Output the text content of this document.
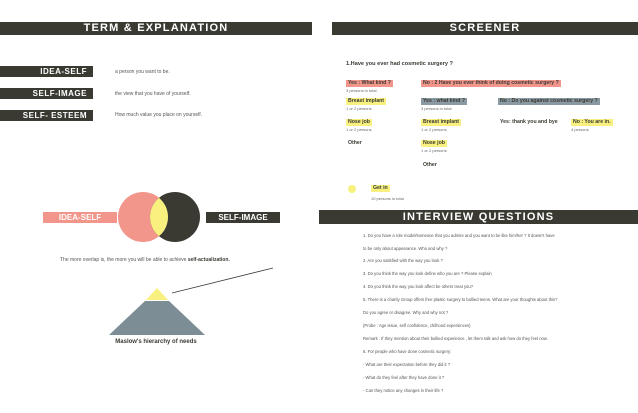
TERM & EXPLANATION
IDEA-SELF	a person you want to be.
SELF-IMAGE	the view that you have of yourself.
SELF- ESTEEM	How much value you place on yourself.
IDEA-SELF	SELF-IMAGE
The more overlap is, the more you will be able to achieve self-actualization.
Maslow's hierarchy of needs
SCREENER
1.Have you ever had cosmetic surgery ?
Yes : What kind ?
3 persons in total
Breast implant
1 or 2 persons
Nose job
1 or 2 persons
Other
No : 2 Have you ever think of doing cosmetic surgery ?
Yes : what kind ?
3 persons in total
Breast implant
1 or 2 persons
Nose job
1 or 2 persons
Other
No : Do you against cosmetic surgery ?
Yes: thank you and bye	No : You are in.
4 persons
Get in
10 persons in total
INTERVIEW QUESTIONS
1. Do you have a role model/someone that you admire and you want to be like him/her ? It doesn't have
to be only about appearance. Who and why ?
2. Are you satisfied with the way you look ?
3. Do you think the way you look define who you are ? Please explain
4. Do you think the way you look affect be others treat you?
5. There is a charity Group offers free plastic surgery to bullied teens. What are your thoughts about this?
Do you agree or disagree. Why and why not ?
(Probe : Age issue, self confidence, chilhood experiences)
Remark : If they mention about their bullied experience , let them talk and ask how do they feel now.
6. For people who have done cosmetic surgery:
- What are their expectation before they did it ?
- What do they feel after they have done it ?
- Can they notice any changes in their life ?
